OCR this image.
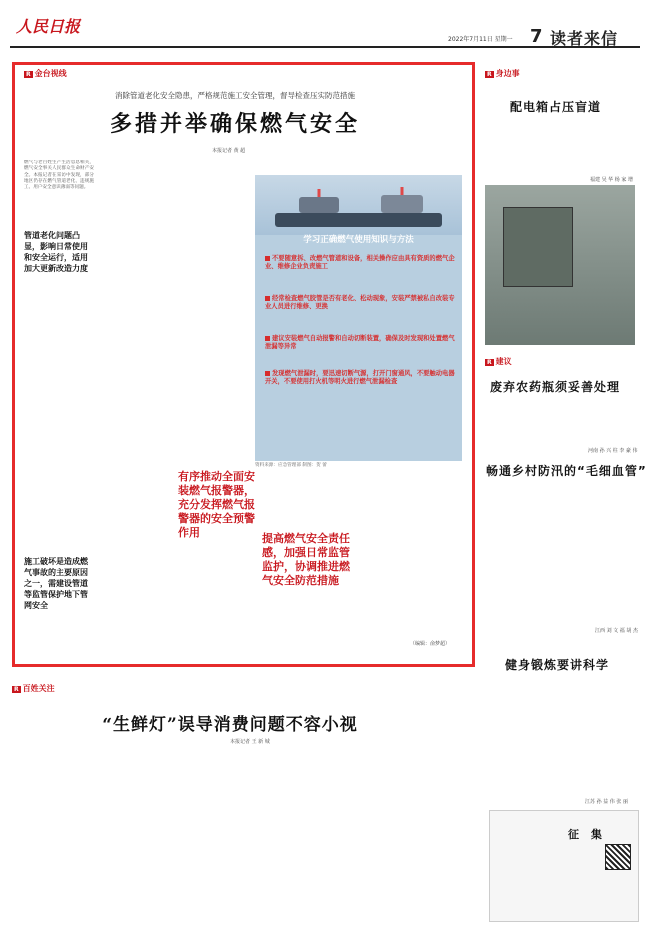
人民日报
2022年7月11日 星期一 7 读者来信
R 金台视线
消除管道老化安全隐患，严格规范施工安全管理，督导检查压实防范措施
多措并举确保燃气安全
本报记者 黄 超
燃气与老百姓生产生活息息相关，燃气安全事关人民群众生命财产安全。本报记者在采访中发现，部分地区仍存在燃气管道老化、违规施工、用户安全意识薄弱等问题。
管道老化问题凸显，影响日常使用和安全运行，适用加大更新改造力度
施工破坏是造成燃气事故的主要原因之一，需建设管道等监管保护地下管网安全
有序推动全面安装燃气报警器，充分发挥燃气报警器的安全预警作用	提高燃气安全责任感，加强日常监管监护，协调推进燃气安全防范措施
（编辑：俞梦超）
学习正确燃气使用知识与方法
不要随意拆、改燃气管道和设备，相关操作应由具有资质的燃气企业、维修企业负责施工
经常检查燃气胶管是否有老化、松动现象，安装严禁被私自改装专业人员进行维修、更换
建议安装燃气自动报警和自动切断装置，确保及时发现和处置燃气泄漏等异常
发现燃气泄漏时，要迅速切断气源，打开门窗通风，不要触动电器开关，不要使用打火机等明火进行燃气泄漏检查
资料来源：应急管理部 制图：贺 蕾
R 身边事
配电箱占压盲道
福建 吴 华 杨 家 增
R 建议
废弃农药瓶须妥善处理
河南 孙 兴 柱 李 豪 伟
畅通乡村防汛的“毛细血管”
江西 刘 文 福 胡 杰
健身锻炼要讲科学
江苏 孙 益 伟 张 丽
征 集
R 百姓关注
“生鲜灯”误导消费问题不容小视
本报记者 王 新 城
